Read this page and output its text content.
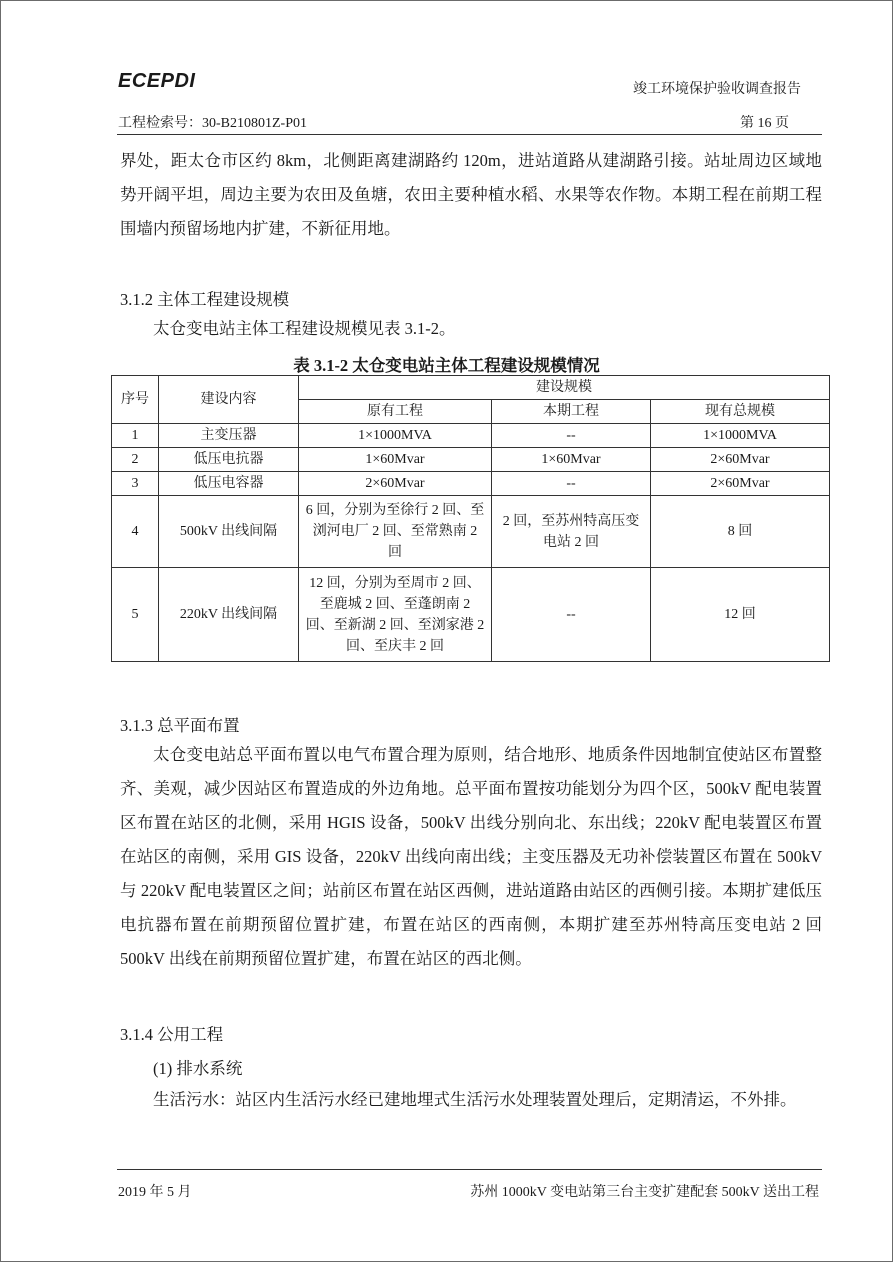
ECEPDI	竣工环境保护验收调查报告
工程检索号：30-B210801Z-P01	第 16 页

界处，距太仓市区约 8km，北侧距离建湖路约 120m，进站道路从建湖路引接。站址周边区域地势开阔平坦，周边主要为农田及鱼塘，农田主要种植水稻、水果等农作物。本期工程在前期工程围墙内预留场地内扩建，不新征用地。

3.1.2 主体工程建设规模

太仓变电站主体工程建设规模见表 3.1-2。

表 3.1-2 太仓变电站主体工程建设规模情况
序号	建设内容	建设规模		
		原有工程	本期工程	现有总规模
1	主变压器	1×1000MVA	--	1×1000MVA
2	低压电抗器	1×60Mvar	1×60Mvar	2×60Mvar
3	低压电容器	2×60Mvar	--	2×60Mvar
4	500kV 出线间隔	6 回，分别为至徐行 2 回、至浏河电厂 2 回、至常熟南 2 回	2 回，至苏州特高压变电站 2 回	8 回
5	220kV 出线间隔	12 回，分别为至周市 2 回、至鹿城 2 回、至蓬朗南 2 回、至新湖 2 回、至浏家港 2 回、至庆丰 2 回	--	12 回
3.1.3 总平面布置

太仓变电站总平面布置以电气布置合理为原则，结合地形、地质条件因地制宜使站区布置整齐、美观，减少因站区布置造成的外边角地。总平面布置按功能划分为四个区，500kV 配电装置区布置在站区的北侧，采用 HGIS 设备，500kV 出线分别向北、东出线；220kV 配电装置区布置在站区的南侧，采用 GIS 设备，220kV 出线向南出线；主变压器及无功补偿装置区布置在 500kV 与 220kV 配电装置区之间；站前区布置在站区西侧，进站道路由站区的西侧引接。本期扩建低压电抗器布置在前期预留位置扩建，布置在站区的西南侧，本期扩建至苏州特高压变电站 2 回 500kV 出线在前期预留位置扩建，布置在站区的西北侧。

3.1.4 公用工程
(1) 排水系统

生活污水：站区内生活污水经已建地埋式生活污水处理装置处理后，定期清运，不外排。

2019 年 5 月	苏州 1000kV 变电站第三台主变扩建配套 500kV 送出工程
